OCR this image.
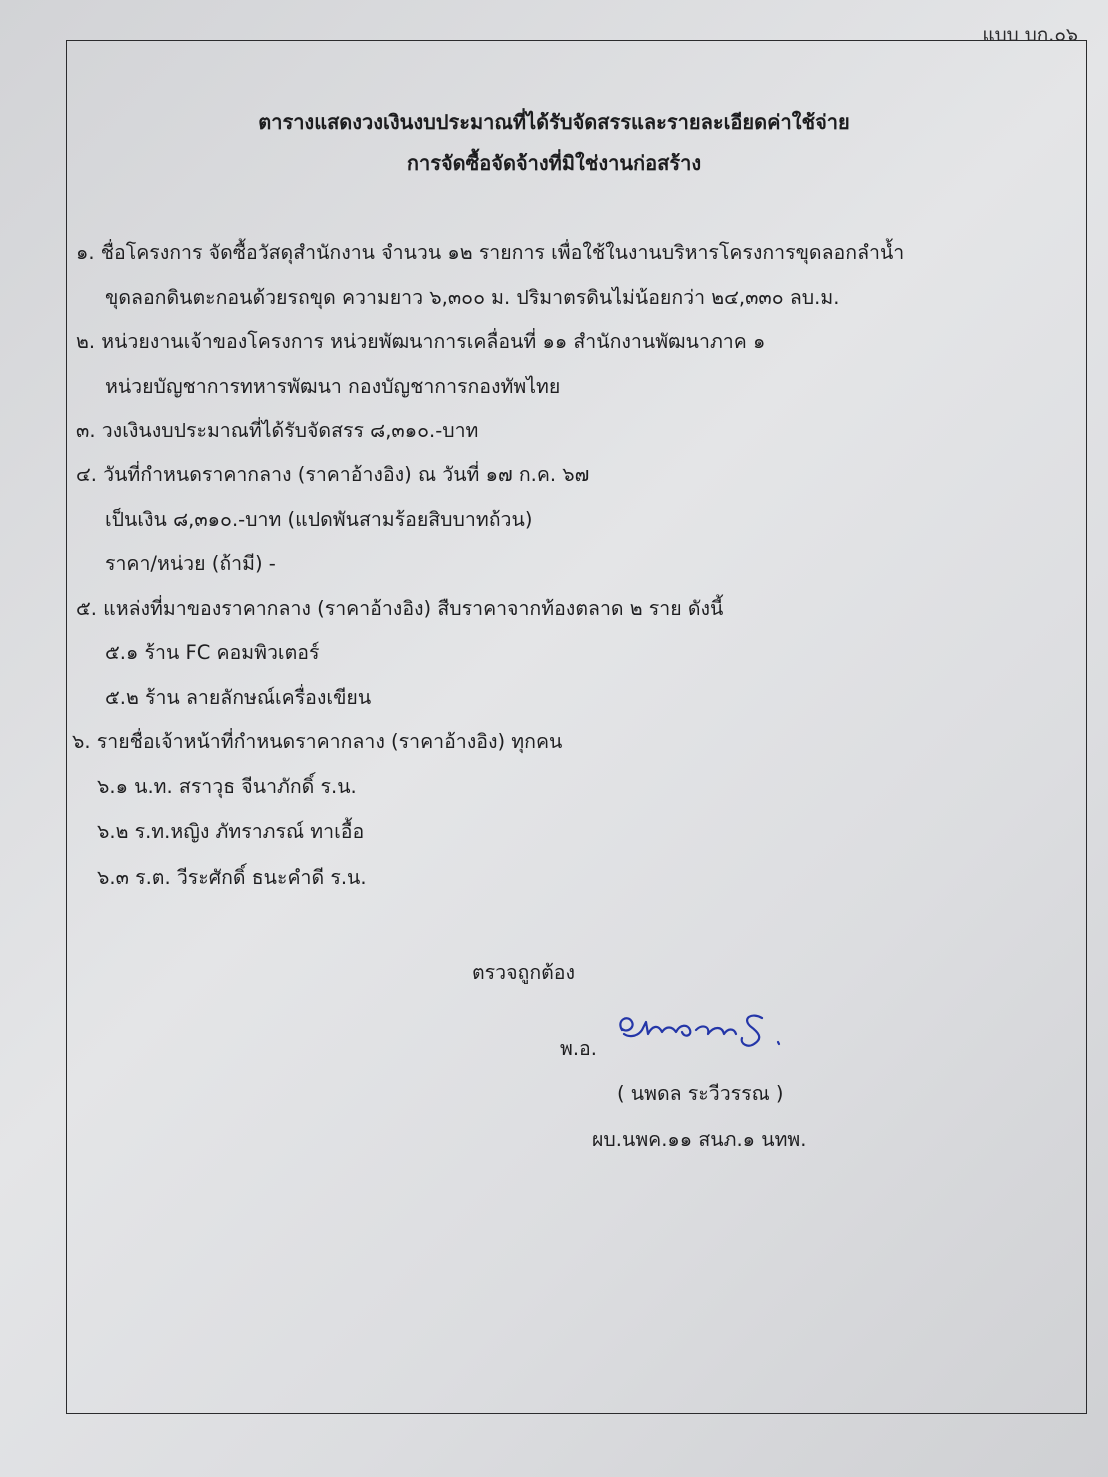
แบบ บก.๐๖
ตารางแสดงวงเงินงบประมาณที่ได้รับจัดสรรและรายละเอียดค่าใช้จ่าย
การจัดซื้อจัดจ้างที่มิใช่งานก่อสร้าง
๑. ชื่อโครงการ จัดซื้อวัสดุสำนักงาน จำนวน ๑๒ รายการ เพื่อใช้ในงานบริหารโครงการขุดลอกลำน้ำ
ขุดลอกดินตะกอนด้วยรถขุด ความยาว ๖,๓๐๐ ม. ปริมาตรดินไม่น้อยกว่า ๒๔,๓๓๐ ลบ.ม.
๒. หน่วยงานเจ้าของโครงการ หน่วยพัฒนาการเคลื่อนที่ ๑๑ สำนักงานพัฒนาภาค ๑
หน่วยบัญชาการทหารพัฒนา กองบัญชาการกองทัพไทย
๓. วงเงินงบประมาณที่ได้รับจัดสรร ๘,๓๑๐.-บาท
๔. วันที่กำหนดราคากลาง (ราคาอ้างอิง) ณ วันที่ ๑๗ ก.ค. ๖๗
เป็นเงิน ๘,๓๑๐.-บาท (แปดพันสามร้อยสิบบาทถ้วน)
ราคา/หน่วย (ถ้ามี) -
๕. แหล่งที่มาของราคากลาง (ราคาอ้างอิง) สืบราคาจากท้องตลาด ๒ ราย ดังนี้
๕.๑ ร้าน FC คอมพิวเตอร์
๕.๒ ร้าน ลายลักษณ์เครื่องเขียน
๖. รายชื่อเจ้าหน้าที่กำหนดราคากลาง (ราคาอ้างอิง) ทุกคน
๖.๑ น.ท. สราวุธ จีนาภักดิ์ ร.น.
๖.๒ ร.ท.หญิง ภัทราภรณ์ ทาเอื้อ
๖.๓ ร.ต. วีระศักดิ์ ธนะคำดี ร.น.
ตรวจถูกต้อง
พ.อ.
( นพดล ระวีวรรณ )
ผบ.นพค.๑๑ สนภ.๑ นทพ.
